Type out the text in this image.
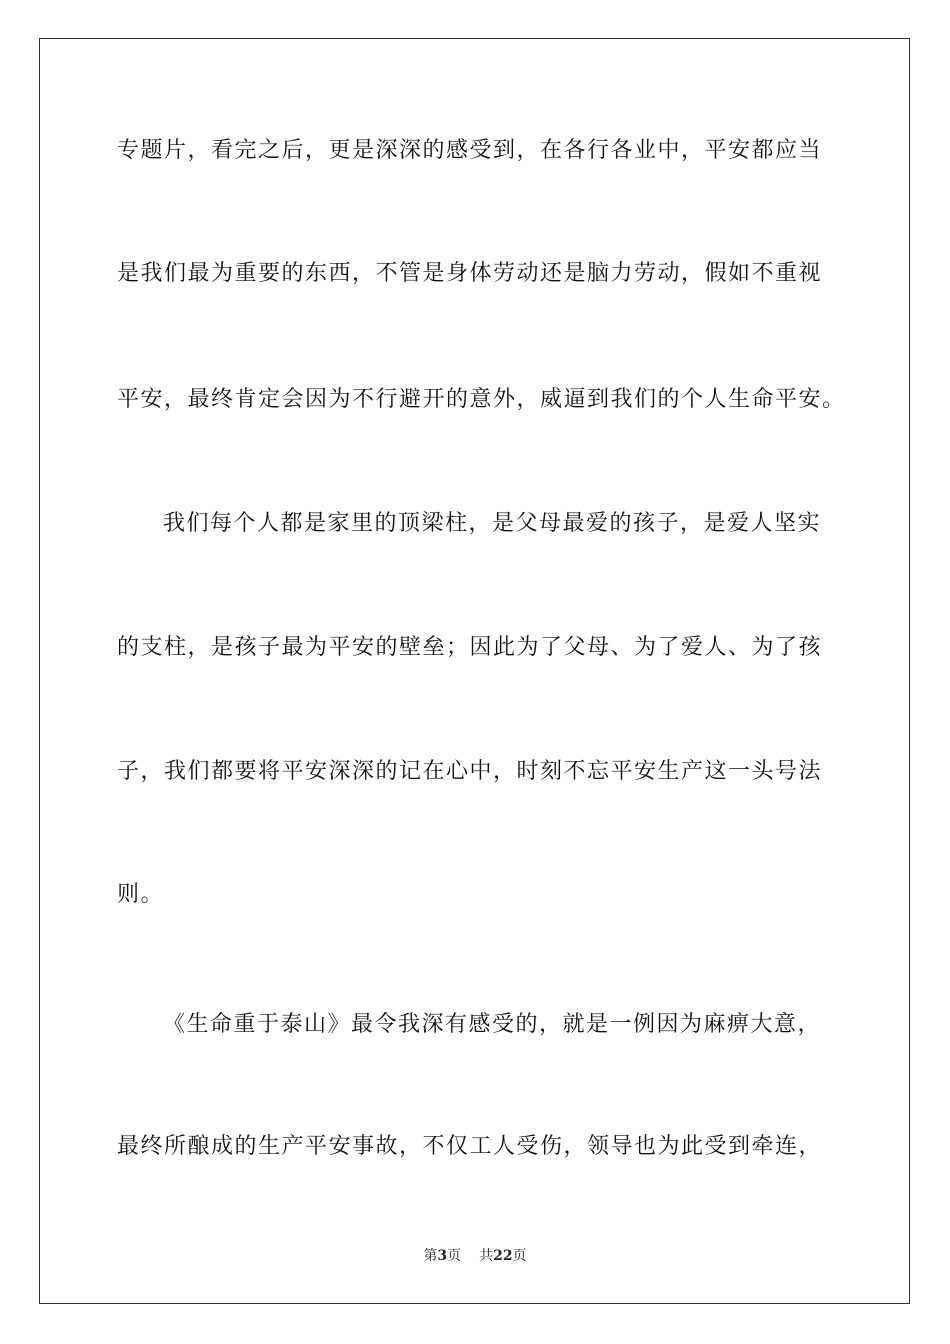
专题片，看完之后，更是深深的感受到，在各行各业中，平安都应当
是我们最为重要的东西，不管是身体劳动还是脑力劳动，假如不重视
平安，最终肯定会因为不行避开的意外，威逼到我们的个人生命平安。
我们每个人都是家里的顶梁柱，是父母最爱的孩子，是爱人坚实
的支柱，是孩子最为平安的壁垒；因此为了父母、为了爱人、为了孩
子，我们都要将平安深深的记在心中，时刻不忘平安生产这一头号法
则。
《生命重于泰山》最令我深有感受的，就是一例因为麻痹大意，
最终所酿成的生产平安事故，不仅工人受伤，领导也为此受到牵连，
第3页 共22页
